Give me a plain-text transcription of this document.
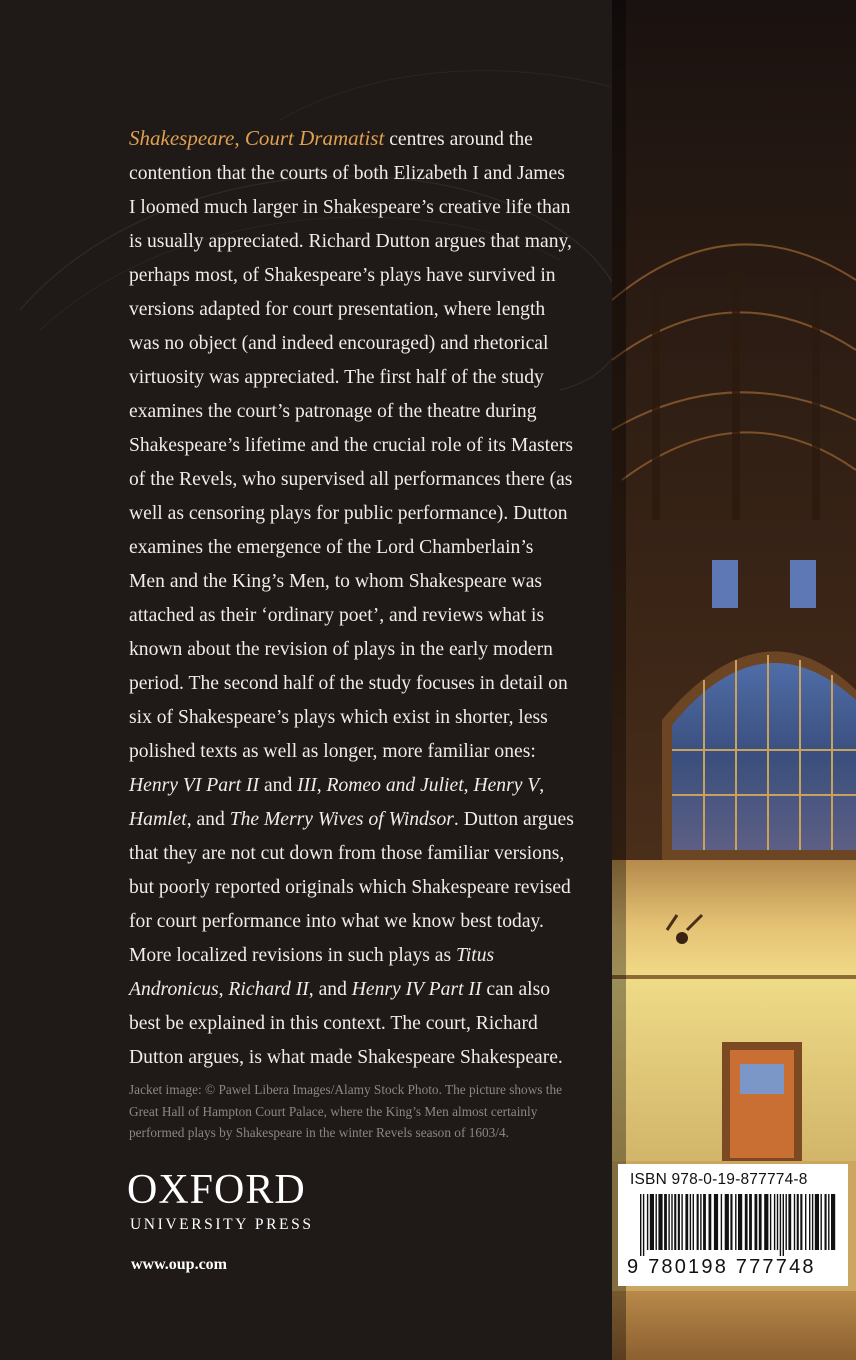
Shakespeare, Court Dramatist centres around the contention that the courts of both Elizabeth I and James I loomed much larger in Shakespeare’s creative life than is usually appreciated. Richard Dutton argues that many, perhaps most, of Shakespeare’s plays have survived in versions adapted for court presentation, where length was no object (and indeed encouraged) and rhetorical virtuosity was appreciated. The first half of the study examines the court’s patronage of the theatre during Shakespeare’s lifetime and the crucial role of its Masters of the Revels, who supervised all performances there (as well as censoring plays for public performance). Dutton examines the emergence of the Lord Chamberlain’s Men and the King’s Men, to whom Shakespeare was attached as their ‘ordinary poet’, and reviews what is known about the revision of plays in the early modern period. The second half of the study focuses in detail on six of Shakespeare’s plays which exist in shorter, less polished texts as well as longer, more familiar ones: Henry VI Part II and III, Romeo and Juliet, Henry V, Hamlet, and The Merry Wives of Windsor. Dutton argues that they are not cut down from those familiar versions, but poorly reported originals which Shakespeare revised for court performance into what we know best today. More localized revisions in such plays as Titus Andronicus, Richard II, and Henry IV Part II can also best be explained in this context. The court, Richard Dutton argues, is what made Shakespeare Shakespeare.

Jacket image: © Pawel Libera Images/Alamy Stock Photo. The picture shows the Great Hall of Hampton Court Palace, where the King’s Men almost certainly performed plays by Shakespeare in the winter Revels season of 1603/4.

OXFORD
UNIVERSITY PRESS
www.oup.com
ISBN 978-0-19-877774-8
9 780198 777748
